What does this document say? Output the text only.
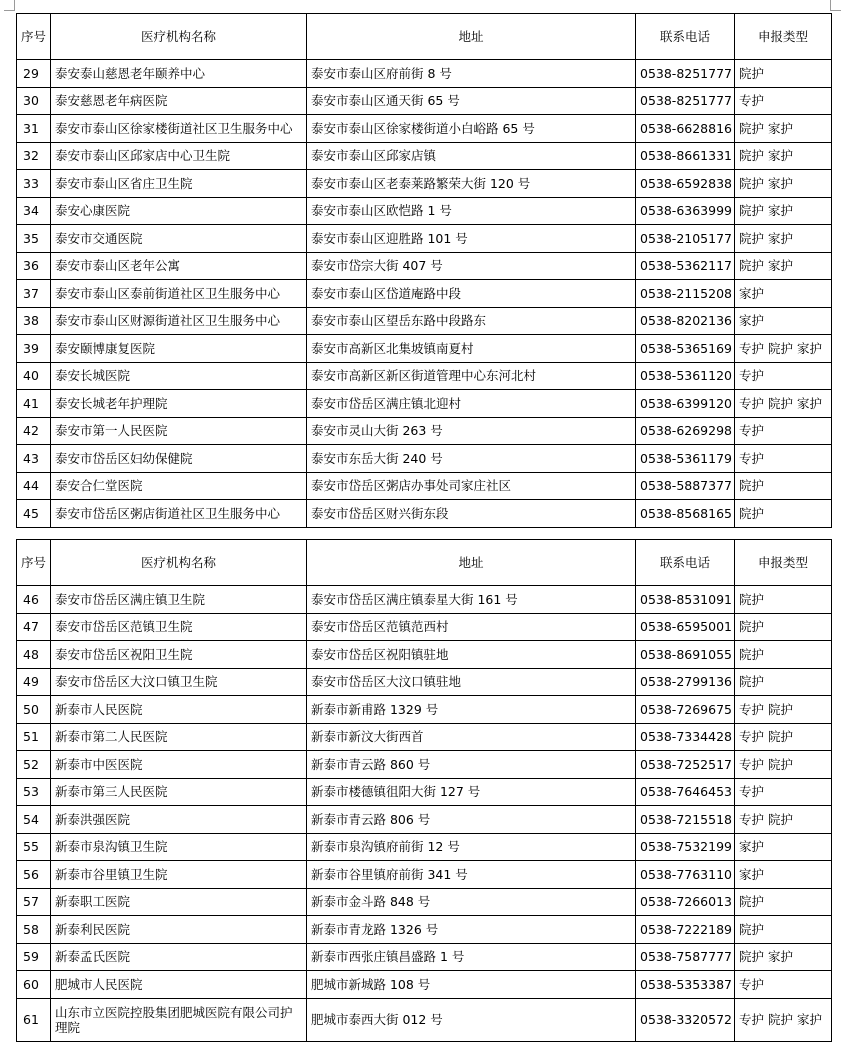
序号	医疗机构名称	地址	联系电话	申报类型
29	泰安泰山慈恩老年颐养中心	泰安市泰山区府前街 8 号	0538-8251777	院护
30	泰安慈恩老年病医院	泰安市泰山区通天街 65 号	0538-8251777	专护
31	泰安市泰山区徐家楼街道社区卫生服务中心	泰安市泰山区徐家楼街道小白峪路 65 号	0538-6628816	院护 家护
32	泰安市泰山区邱家店中心卫生院	泰安市泰山区邱家店镇	0538-8661331	院护 家护
33	泰安市泰山区省庄卫生院	泰安市泰山区老泰莱路繁荣大街 120 号	0538-6592838	院护 家护
34	泰安心康医院	泰安市泰山区欧恺路 1 号	0538-6363999	院护 家护
35	泰安市交通医院	泰安市泰山区迎胜路 101 号	0538-2105177	院护 家护
36	泰安市泰山区老年公寓	泰安市岱宗大街 407 号	0538-5362117	院护 家护
37	泰安市泰山区泰前街道社区卫生服务中心	泰安市泰山区岱道庵路中段	0538-2115208	家护
38	泰安市泰山区财源街道社区卫生服务中心	泰安市泰山区望岳东路中段路东	0538-8202136	家护
39	泰安颐博康复医院	泰安市高新区北集坡镇南夏村	0538-5365169	专护 院护 家护
40	泰安长城医院	泰安市高新区新区街道管理中心东河北村	0538-5361120	专护
41	泰安长城老年护理院	泰安市岱岳区满庄镇北迎村	0538-6399120	专护 院护 家护
42	泰安市第一人民医院	泰安市灵山大街 263 号	0538-6269298	专护
43	泰安市岱岳区妇幼保健院	泰安市东岳大街 240 号	0538-5361179	专护
44	泰安合仁堂医院	泰安市岱岳区粥店办事处司家庄社区	0538-5887377	院护
45	泰安市岱岳区粥店街道社区卫生服务中心	泰安市岱岳区财兴街东段	0538-8568165	院护
序号	医疗机构名称	地址	联系电话	申报类型
46	泰安市岱岳区满庄镇卫生院	泰安市岱岳区满庄镇泰星大街 161 号	0538-8531091	院护
47	泰安市岱岳区范镇卫生院	泰安市岱岳区范镇范西村	0538-6595001	院护
48	泰安市岱岳区祝阳卫生院	泰安市岱岳区祝阳镇驻地	0538-8691055	院护
49	泰安市岱岳区大汶口镇卫生院	泰安市岱岳区大汶口镇驻地	0538-2799136	院护
50	新泰市人民医院	新泰市新甫路 1329 号	0538-7269675	专护 院护
51	新泰市第二人民医院	新泰市新汶大街西首	0538-7334428	专护 院护
52	新泰市中医医院	新泰市青云路 860 号	0538-7252517	专护 院护
53	新泰市第三人民医院	新泰市楼德镇徂阳大街 127 号	0538-7646453	专护
54	新泰洪强医院	新泰市青云路 806 号	0538-7215518	专护 院护
55	新泰市泉沟镇卫生院	新泰市泉沟镇府前街 12 号	0538-7532199	家护
56	新泰市谷里镇卫生院	新泰市谷里镇府前街 341 号	0538-7763110	家护
57	新泰职工医院	新泰市金斗路 848 号	0538-7266013	院护
58	新泰利民医院	新泰市青龙路 1326 号	0538-7222189	院护
59	新泰孟氏医院	新泰市西张庄镇昌盛路 1 号	0538-7587777	院护 家护
60	肥城市人民医院	肥城市新城路 108 号	0538-5353387	专护
61	山东市立医院控股集团肥城医院有限公司护理院	肥城市泰西大街 012 号	0538-3320572	专护 院护 家护
